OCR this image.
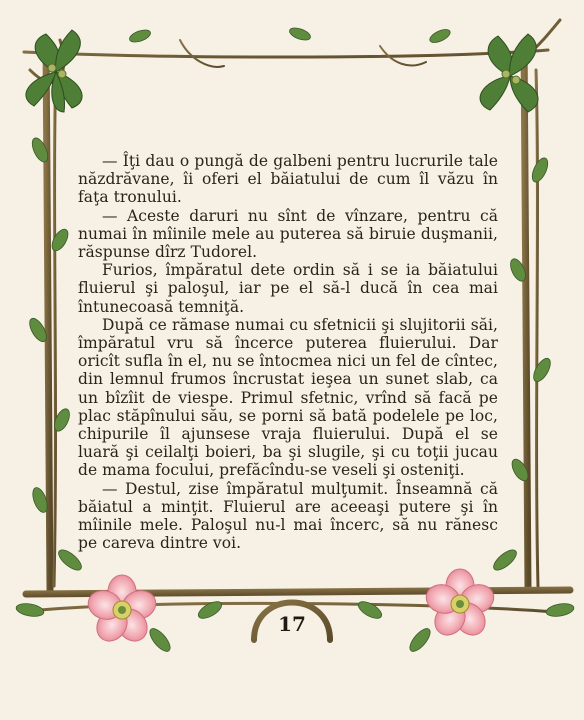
— Îţi dau o pungă de galbeni pentru lucrurile tale năzdrăvane, îi oferi el băiatului de cum îl văzu în faţa tronului.

— Aceste daruri nu sînt de vînzare, pentru că numai în mîinile mele au puterea să biruie duşmanii, răspunse dîrz Tudorel.

Furios, împăratul dete ordin să i se ia băiatului fluierul şi paloşul, iar pe el să-l ducă în cea mai întunecoasă temniţă.

După ce rămase numai cu sfetnicii şi slujitorii săi, împăratul vru să încerce puterea fluierului. Dar oricît sufla în el, nu se întocmea nici un fel de cîntec, din lemnul frumos încrustat ieşea un sunet slab, ca un bîzîit de viespe. Primul sfetnic, vrînd să facă pe plac stăpînului său, se porni să bată podelele pe loc, chipurile îl ajunsese vraja fluierului. După el se luară şi ceilalţi boieri, ba şi slugile, şi cu toţii jucau de mama focului, prefăcîndu-se veseli şi osteniţi.

— Destul, zise împăratul mulţumit. Înseamnă că băiatul a minţit. Fluierul are aceeaşi putere şi în mîinile mele. Paloşul nu-l mai încerc, să nu rănesc pe careva dintre voi.

17
